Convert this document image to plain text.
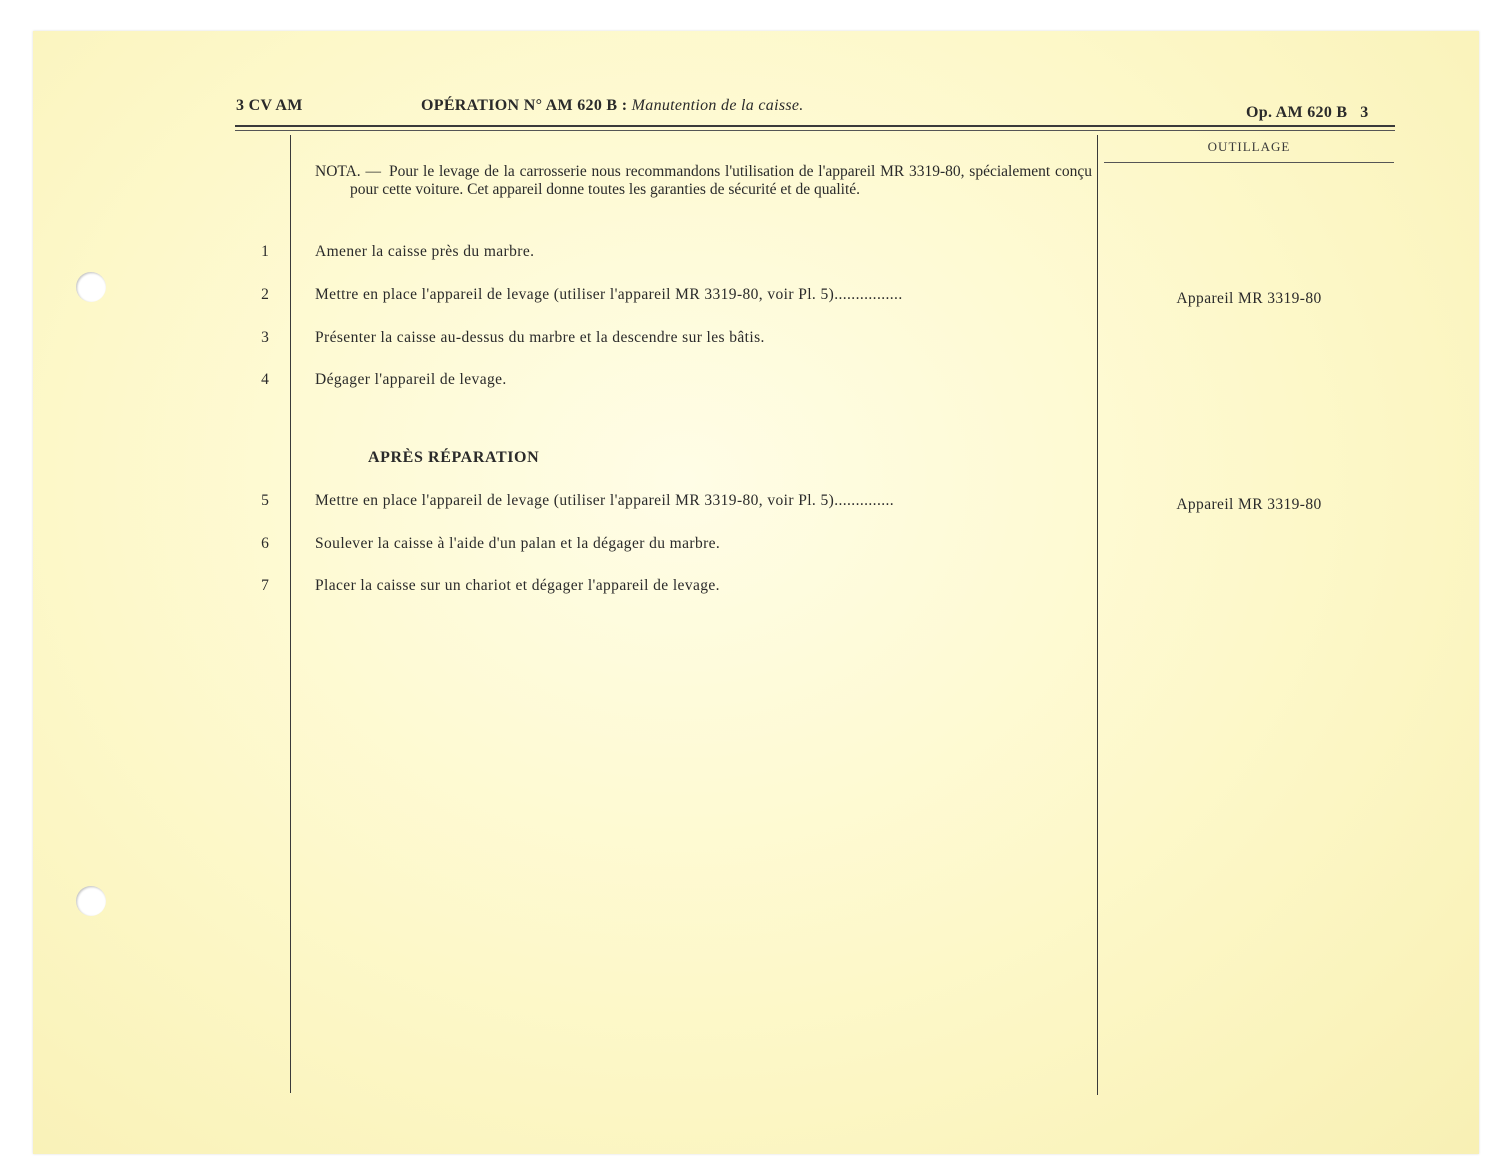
3 CV AM	OPÉRATION N° AM 620 B : Manutention de la caisse.	Op. AM 620 B   3
OUTILLAGE
NOTA. — Pour le levage de la carrosserie nous recommandons l'utilisation de l'appareil MR 3319-80, spécialement conçu pour cette voiture. Cet appareil donne toutes les garanties de sécurité et de qualité.
1	Amener la caisse près du marbre.
2	Mettre en place l'appareil de levage (utiliser l'appareil MR 3319-80, voir Pl. 5)................	Appareil MR 3319-80
3	Présenter la caisse au-dessus du marbre et la descendre sur les bâtis.
4	Dégager l'appareil de levage.
APRÈS RÉPARATION
5	Mettre en place l'appareil de levage (utiliser l'appareil MR 3319-80, voir Pl. 5)..............	Appareil MR 3319-80
6	Soulever la caisse à l'aide d'un palan et la dégager du marbre.
7	Placer la caisse sur un chariot et dégager l'appareil de levage.
